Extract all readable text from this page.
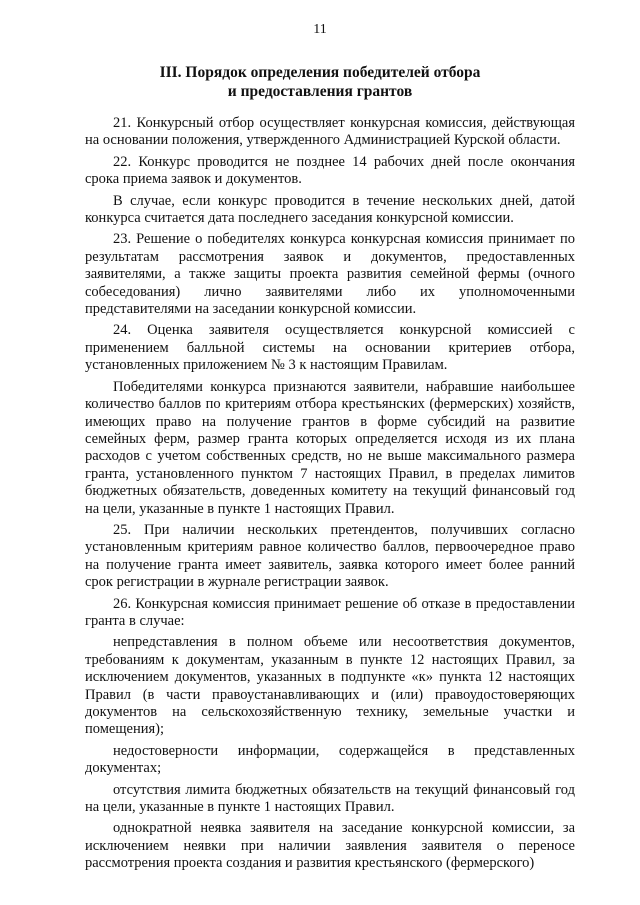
11
III. Порядок определения победителей отбора
и предоставления грантов

21. Конкурсный отбор осуществляет конкурсная комиссия, действующая на основании положения, утвержденного Администрацией Курской области.

22. Конкурс проводится не позднее 14 рабочих дней после окончания срока приема заявок и документов.

В случае, если конкурс проводится в течение нескольких дней, датой конкурса считается дата последнего заседания конкурсной комиссии.

23. Решение о победителях конкурса конкурсная комиссия принимает по результатам рассмотрения заявок и документов, предоставленных заявителями, а также защиты проекта развития семейной фермы (очного собеседования) лично заявителями либо их уполномоченными представителями на заседании конкурсной комиссии.

24. Оценка заявителя осуществляется конкурсной комиссией с применением балльной системы на основании критериев отбора, установленных приложением № 3 к настоящим Правилам.

Победителями конкурса признаются заявители, набравшие наибольшее количество баллов по критериям отбора крестьянских (фермерских) хозяйств, имеющих право на получение грантов в форме субсидий на развитие семейных ферм, размер гранта которых определяется исходя из их плана расходов с учетом собственных средств, но не выше максимального размера гранта, установленного пунктом 7 настоящих Правил, в пределах лимитов бюджетных обязательств, доведенных комитету на текущий финансовый год на цели, указанные в пункте 1 настоящих Правил.

25. При наличии нескольких претендентов, получивших согласно установленным критериям равное количество баллов, первоочередное право на получение гранта имеет заявитель, заявка которого имеет более ранний срок регистрации в журнале регистрации заявок.

26. Конкурсная комиссия принимает решение об отказе в предоставлении гранта в случае:

непредставления в полном объеме или несоответствия документов, требованиям к документам, указанным в пункте 12 настоящих Правил, за исключением документов, указанных в подпункте «к» пункта 12 настоящих Правил (в части правоустанавливающих и (или) правоудостоверяющих документов на сельскохозяйственную технику, земельные участки и помещения);

недостоверности информации, содержащейся в представленных документах;

отсутствия лимита бюджетных обязательств на текущий финансовый год на цели, указанные в пункте 1 настоящих Правил.

однократной неявка заявителя на заседание конкурсной комиссии, за исключением неявки при наличии заявления заявителя о переносе рассмотрения проекта создания и развития крестьянского (фермерского)
